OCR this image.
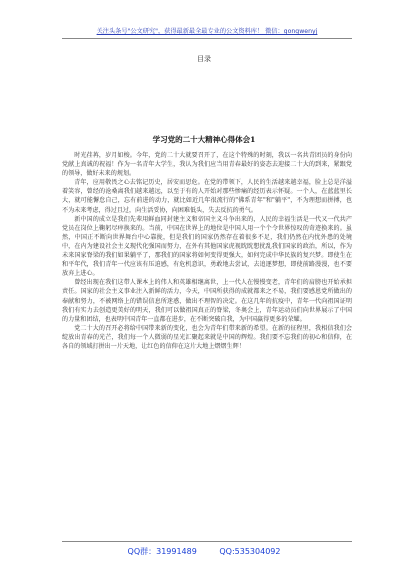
关注头条号"公文研究"，获得最新最全最专业的公文资料库！ 微信：gongwenyj
目录
学习党的二十大精神心得体会1

时光荏苒，岁月如梭。今年，党的二十大就要召开了，在这个特殊的时刻，我以一名共青团员的身份向党献上真诚的祝福！作为一名青年大学生，我认为我们应当用青春最好的姿态去迎接二十大的到来，紧跟党的领导，做好未来的规划。

青年，应用敬畏之心去铭记历史，居安而思危。在党的带领下，人民的生活越来越幸福，脸上总是洋溢着笑容，曾经的沧桑离我们越来越远，以至于有的人开始对那些惨痛的经历表示怀疑。一个人，在蓝蓝里长大，就可能懈怠自己，忘有前进的动力，就比如近几年很流行的"佛系青年"和"躺平"，不为理想而拼搏，也不为未来考虑，得过且过，向生活妥协，向困难低头，失去反抗的勇气。

新中国的成立是我们先辈用鲜血同封建主义和帝国主义斗争出来的，人民的幸福生活是一代又一代共产党员在岗位上鞠躬尽瘁换来的。当前，中国在世界上的地位是中国人用一个个令世界惊叹的奇迹换来的。虽然，中国正不断向世界舞台中心靠拢，但是我们的国家仍然存在着很多不足，我们仍然在内忧外患的处境中，在内为建设社会主义现代化强国而努力，在外有其他国家虎视眈眈想扰乱我们国家的政治，所以，作为未来国家脊梁的我们如果躺平了，那我们的国家将如何变得更强大，如何完成中华民族的复兴梦。即使生在和平年代，我们青年一代应该有压迫感，有危机意识，勇敢地去尝试，去追逐梦想，即使前路漫漫，也不要放弃上进心。

曾经出现在我们这带人课本上的伟人和英雄相继离世，上一代人在慢慢变老，青年们的肩膀也开始承担责任。国家的社会主义事业注入新鲜的活力，今天，中国所获得的成就都来之不易，我们要感恩党所做出的奉献和努力，不被网络上的错误信息所迷惑，做出不理智的决定。在这几年的抗疫中，青年一代向祖国证明我们有实力去创造更美好的明天，我们可以做祖国真正的脊梁，冬奥会上，青年运动员们向世界展示了中国的力量和团结，也表明中国青年一直都在进步，在不断突破自我，为中国赢得更多的荣耀。

党二十大的召开必将给中国带来新的变化，也会为青年们带来新的希望。在新的征程里，我相信我们会绽放出青春的光芒，我们每一个人微弱的星光汇聚起来就是中国的辉煌。我们要不忘我们的初心和信仰，在各自的领域打拼出一片天地，让红色的信仰在这片大地上熠熠生辉！

QQ群：31991489	QQ:535304092
